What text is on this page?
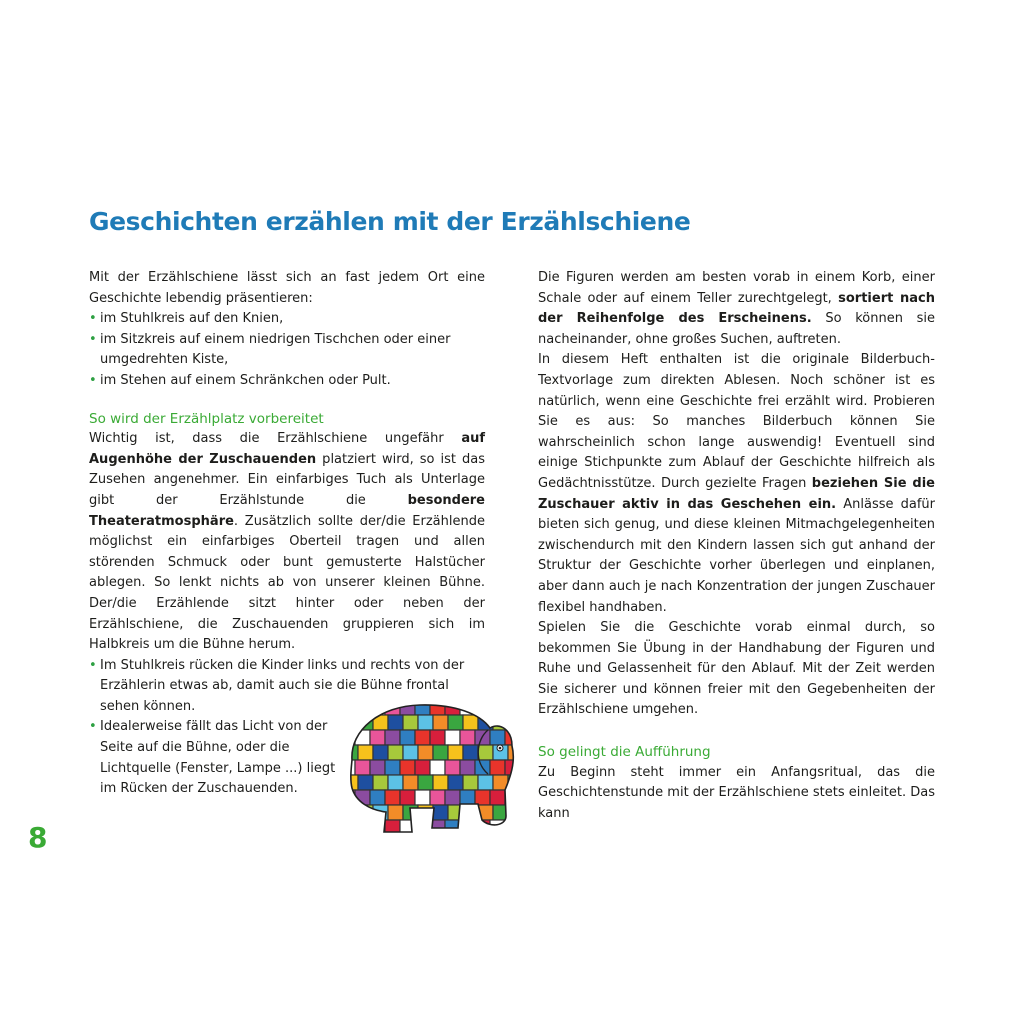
Geschichten erzählen mit der Erzählschiene

Mit der Erzählschiene lässt sich an fast jedem Ort eine Geschichte lebendig präsentieren:

• im Stuhlkreis auf den Knien,
• im Sitzkreis auf einem niedrigen Tischchen oder einer umgedrehten Kiste,
• im Stehen auf einem Schränkchen oder Pult.
So wird der Erzählplatz vorbereitet

Wichtig ist, dass die Erzählschiene ungefähr auf Augenhöhe der Zuschauenden platziert wird, so ist das Zusehen angenehmer. Ein einfarbiges Tuch als Unterlage gibt der Erzählstunde die besondere Theateratmosphäre. Zusätzlich sollte der/die Erzählende möglichst ein einfarbiges Oberteil tragen und allen störenden Schmuck oder bunt gemusterte Halstücher ablegen. So lenkt nichts ab von unserer kleinen Bühne. Der/die Erzählende sitzt hinter oder neben der Erzählschiene, die Zuschauenden gruppieren sich im Halbkreis um die Bühne herum.

• Im Stuhlkreis rücken die Kinder links und rechts von der Erzählerin etwas ab, damit auch sie die Bühne frontal sehen können.
• Idealerweise fällt das Licht von der Seite auf die Bühne, oder die Lichtquelle (Fenster, Lampe ...) liegt im Rücken der Zuschauenden.

Die Figuren werden am besten vorab in einem Korb, einer Schale oder auf einem Teller zurechtgelegt, sortiert nach der Reihenfolge des Erscheinens. So können sie nacheinander, ohne großes Suchen, auftreten.

In diesem Heft enthalten ist die originale Bilderbuch-Textvorlage zum direkten Ablesen. Noch schöner ist es natürlich, wenn eine Geschichte frei erzählt wird. Probieren Sie es aus: So manches Bilderbuch können Sie wahrscheinlich schon lange auswendig! Eventuell sind einige Stichpunkte zum Ablauf der Geschichte hilfreich als Gedächtnisstütze. Durch gezielte Fragen beziehen Sie die Zuschauer aktiv in das Geschehen ein. Anlässe dafür bieten sich genug, und diese kleinen Mitmachgelegenheiten zwischendurch mit den Kindern lassen sich gut anhand der Struktur der Geschichte vorher überlegen und einplanen, aber dann auch je nach Konzentration der jungen Zuschauer flexibel handhaben.

Spielen Sie die Geschichte vorab einmal durch, so bekommen Sie Übung in der Handhabung der Figuren und Ruhe und Gelassenheit für den Ablauf. Mit der Zeit werden Sie sicherer und können freier mit den Gegebenheiten der Erzählschiene umgehen.

So gelingt die Aufführung

Zu Beginn steht immer ein Anfangsritual, das die Geschichtenstunde mit der Erzählschiene stets einleitet. Das kann

8
